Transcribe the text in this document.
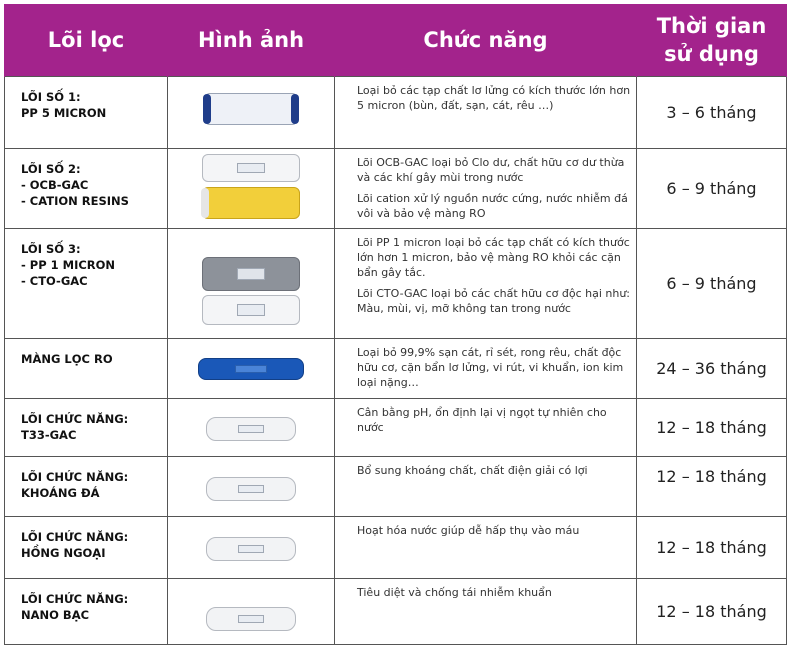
Lõi lọc	Hình ảnh	Chức năng	Thời gian
sử dụng

LÕI SỐ 1:
PP 5 MICRON		Loại bỏ các tạp chất lơ lửng có kích thước lớn hơn 5 micron (bùn, đất, sạn, cát, rêu …)	3 – 6 tháng

LÕI SỐ 2:
- OCB-GAC
- CATION RESINS		Lõi OCB-GAC loại bỏ Clo dư, chất hữu cơ dư thừa và các khí gây mùi trong nước
Lõi cation xử lý nguồn nước cứng, nước nhiễm đá vôi và bảo vệ màng RO	6 – 9 tháng

LÕI SỐ 3:
- PP 1 MICRON
- CTO-GAC		Lõi PP 1 micron loại bỏ các tạp chất có kích thước lớn hơn 1 micron, bảo vệ màng RO khỏi các cặn bẩn gây tắc.
Lõi CTO-GAC loại bỏ các chất hữu cơ độc hại như: Màu, mùi, vị, mỡ không tan trong nước	6 – 9 tháng

MÀNG LỌC RO		Loại bỏ 99,9% sạn cát, rỉ sét, rong rêu, chất độc hữu cơ, cặn bẩn lơ lửng, vi rút, vi khuẩn, ion kim loại nặng…	24 – 36 tháng

LÕI CHỨC NĂNG:
T33-GAC		Cân bằng pH, ổn định lại vị ngọt tự nhiên cho nước	12 – 18 tháng

LÕI CHỨC NĂNG:
KHOÁNG ĐÁ		Bổ sung khoáng chất, chất điện giải có lợi	12 – 18 tháng

LÕI CHỨC NĂNG:
HỒNG NGOẠI		Hoạt hóa nước giúp dễ hấp thụ vào máu	12 – 18 tháng

LÕI CHỨC NĂNG:
NANO BẠC		Tiêu diệt và chống tái nhiễm khuẩn	12 – 18 tháng
